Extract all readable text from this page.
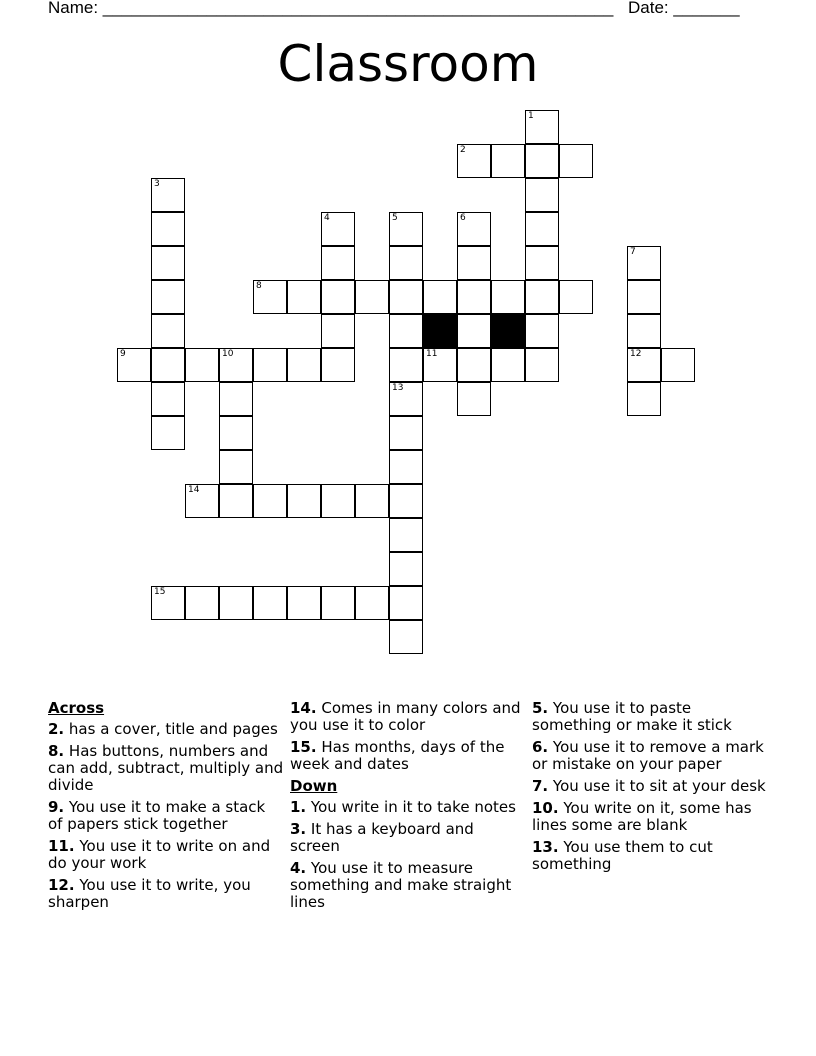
Name: ______________________________________________________ Date: _______
Classroom
1
2
3
4	5	6
7
12
8
9	10	11
13
14
15
Across
2. has a cover, title and pages
8. Has buttons, numbers and can add, subtract, multiply and divide
9. You use it to make a stack of papers stick together
11. You use it to write on and do your work
12. You use it to write, you sharpen
14. Comes in many colors and you use it to color
15. Has months, days of the week and dates
Down
1. You write in it to take notes
3. It has a keyboard and screen
4. You use it to measure something and make straight lines
5. You use it to paste something or make it stick
6. You use it to remove a mark or mistake on your paper
7. You use it to sit at your desk
10. You write on it, some has lines some are blank
13. You use them to cut something
